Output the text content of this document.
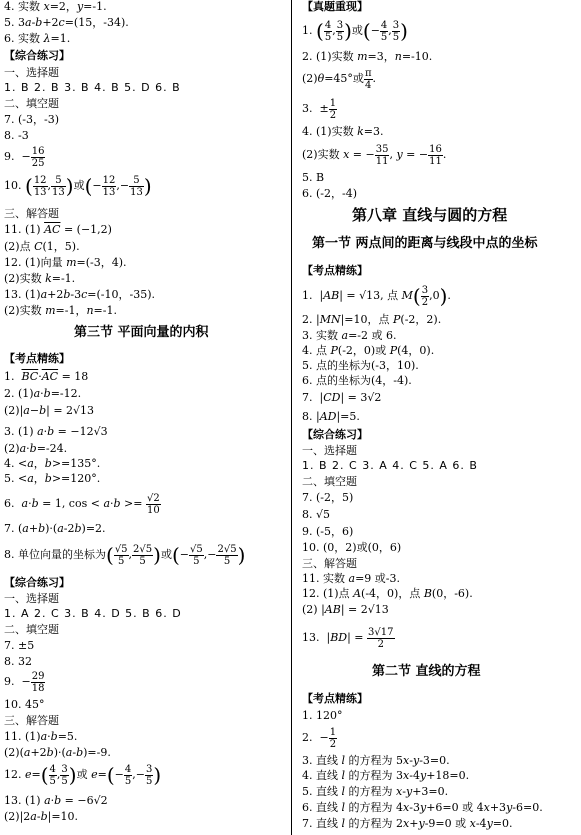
4. 实数 x=2，y=-1.
5. 3a-b+2c=(15，-34).
6. 实数 λ=1.
【综合练习】
一、选择题
1. B 2. B 3. B 4. B 5. D 6. B
二、填空题
7. (-3，-3)
8. -3
9.  − $\frac{16}{25}$
10. ( $\frac{12}{13}$ , $\frac{5}{13}$ )或(− $\frac{12}{13}$ ,− $\frac{5}{13}$ )
三、解答题
11. (1) $\overline{AC} = (-1,2)$
(2)点 C(1，5).
12. (1)向量 m=(-3，4).
(2)实数 k=-1.
13. (1)a+2b-3c=(-10，-35).
(2)实数 m=-1，n=-1.
第三节 平面向量的内积
【考点精练】
1.  $\overline{BC}\cdot\overline{AC} = 18$
2. (1)a·b=-12.
(2)|a−b| = 2√13
3. (1) a·b = −12√3
(2)a·b=-24.
4. <a，b>=135°.
5. <a，b>=120°.
6.  a·b = 1, $\cos < a\cdot b >= \frac{√2}{10}$
7. (a+b)·(a-2b)=2.
8. 单位向量的坐标为( $\frac{√5}{5}$ , $\frac{2√5}{5}$ )或(− $\frac{√5}{5}$ ,− $\frac{2√5}{5}$ )
【综合练习】
一、选择题
1. A 2. C 3. B 4. D 5. B 6. D
二、填空题
7. ±5
8. 32
9.  − $\frac{29}{18}$
10. 45°
三、解答题
11. (1)a·b=5.
(2)(a+2b)·(a-b)=-9.
12. $e=( \frac{4}{5}$ , $\frac{3}{5}$ )或 $e=(- \frac{4}{5}$ ,− $\frac{3}{5}$ )
13. (1) a·b = −6√2
(2)|2a-b|=10.
【真题重现】
1. ( $\frac{4}{5}$ , $\frac{3}{5}$ )或(− $\frac{4}{5}$ , $\frac{3}{5}$ )
2. (1)实数 m=3，n=-10.
(2)θ=45°或 $\frac{\pi}{4}$ .
3.  ± $\frac{1}{2}$
4. (1)实数 k=3.
(2)实数 x = − $\frac{35}{11}$ , y = − $\frac{16}{11}$ .
5. B
6. (-2，-4)
第八章 直线与圆的方程
第一节 两点间的距离与线段中点的坐标
【考点精练】
1.  |AB| = √13, 点 $M( \frac{3}{2} ,0)$.
2. |MN|=10，点 P(-2，2).
3. 实数 a=-2 或 6.
4. 点 P(-2，0)或 P(4，0).
5. 点的坐标为(-3，10).
6. 点的坐标为(4，-4).
7.  |CD| = 3√2
8. |AD|=5.
【综合练习】
一、选择题
1. B 2. C 3. A 4. C 5. A 6. B
二、填空题
7. (-2，5)
8. √5
9. (-5，6)
10. (0，2)或(0，6)
三、解答题
11. 实数 a=9 或-3.
12. (1)点 A(-4，0)，点 B(0，-6).
(2) |AB| = 2√13
13.  $|BD| = \frac{3√17}{2}$
第二节 直线的方程
【考点精练】
1. 120°
2.  − $\frac{1}{2}$
3. 直线 l 的方程为 5x-y-3=0.
4. 直线 l 的方程为 3x-4y+18=0.
5. 直线 l 的方程为 x-y+3=0.
6. 直线 l 的方程为 4x-3y+6=0 或 4x+3y-6=0.
7. 直线 l 的方程为 2x+y-9=0 或 x-4y=0.
